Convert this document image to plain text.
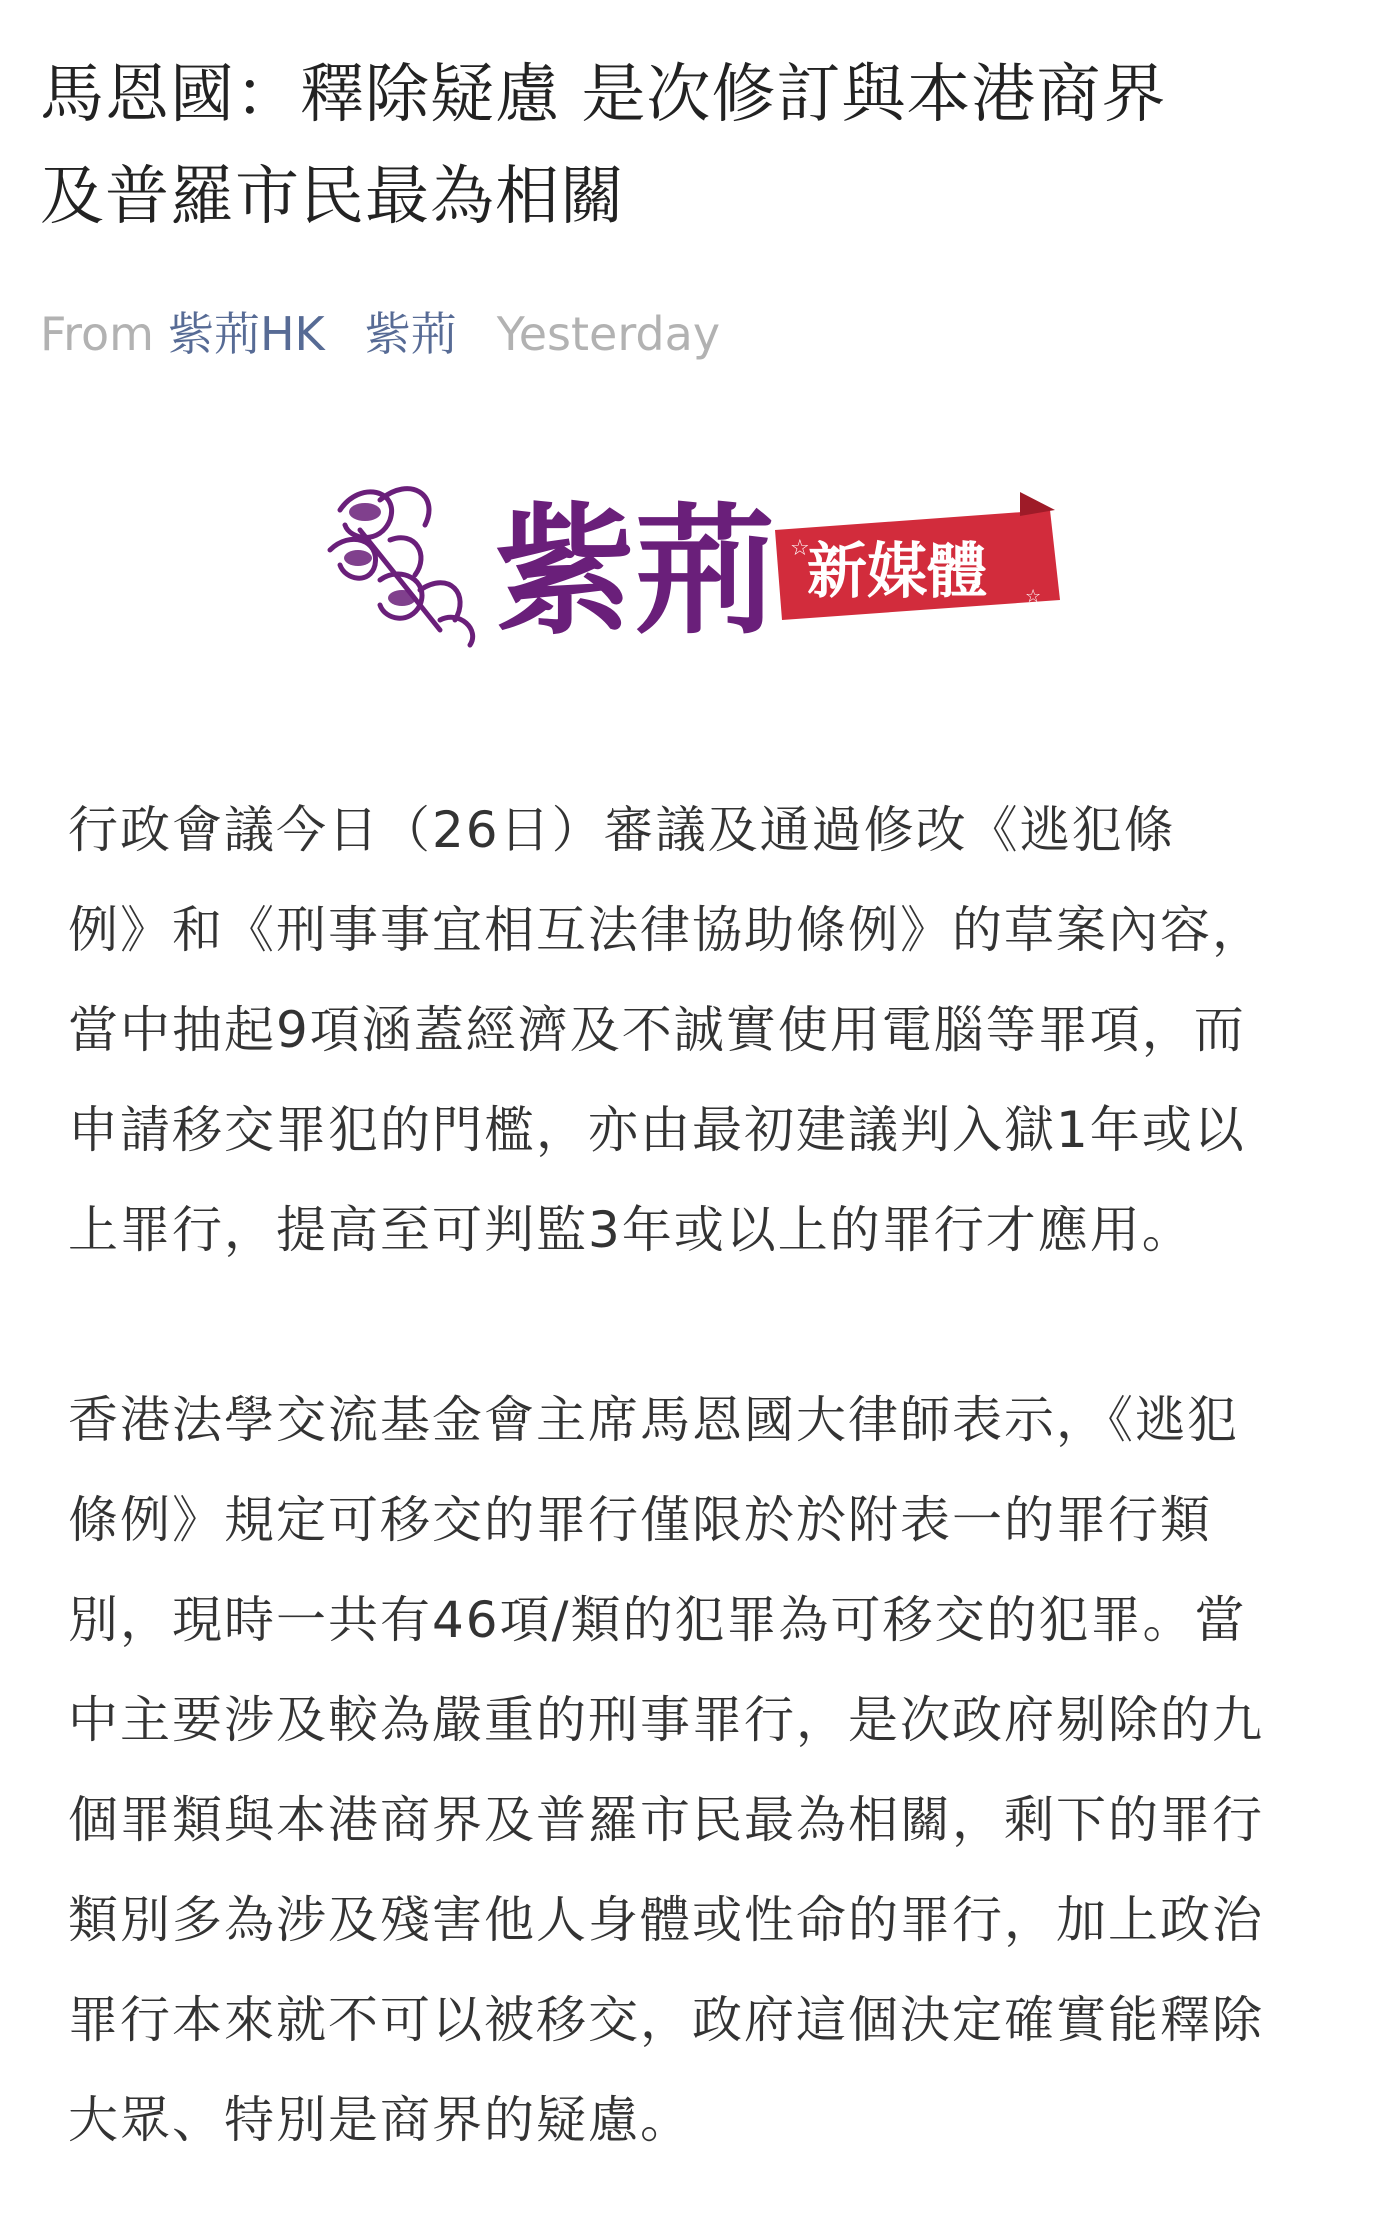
馬恩國：釋除疑慮 是次修訂與本港商界
及普羅市民最為相關
From 紫荊HK 紫荊 Yesterday
紫荊 ☆
☆
新媒體

行政會議今日（26日）審議及通過修改《逃犯條
例》和《刑事事宜相互法律協助條例》的草案內容，
當中抽起9項涵蓋經濟及不誠實使用電腦等罪項，而
申請移交罪犯的門檻，亦由最初建議判入獄1年或以
上罪行，提高至可判監3年或以上的罪行才應用。

香港法學交流基金會主席馬恩國大律師表示，《逃犯
條例》規定可移交的罪行僅限於於附表一的罪行類
別，現時一共有46項/類的犯罪為可移交的犯罪。當
中主要涉及較為嚴重的刑事罪行，是次政府剔除的九
個罪類與本港商界及普羅市民最為相關，剩下的罪行
類別多為涉及殘害他人身體或性命的罪行，加上政治
罪行本來就不可以被移交，政府這個決定確實能釋除
大眾、特別是商界的疑慮。
